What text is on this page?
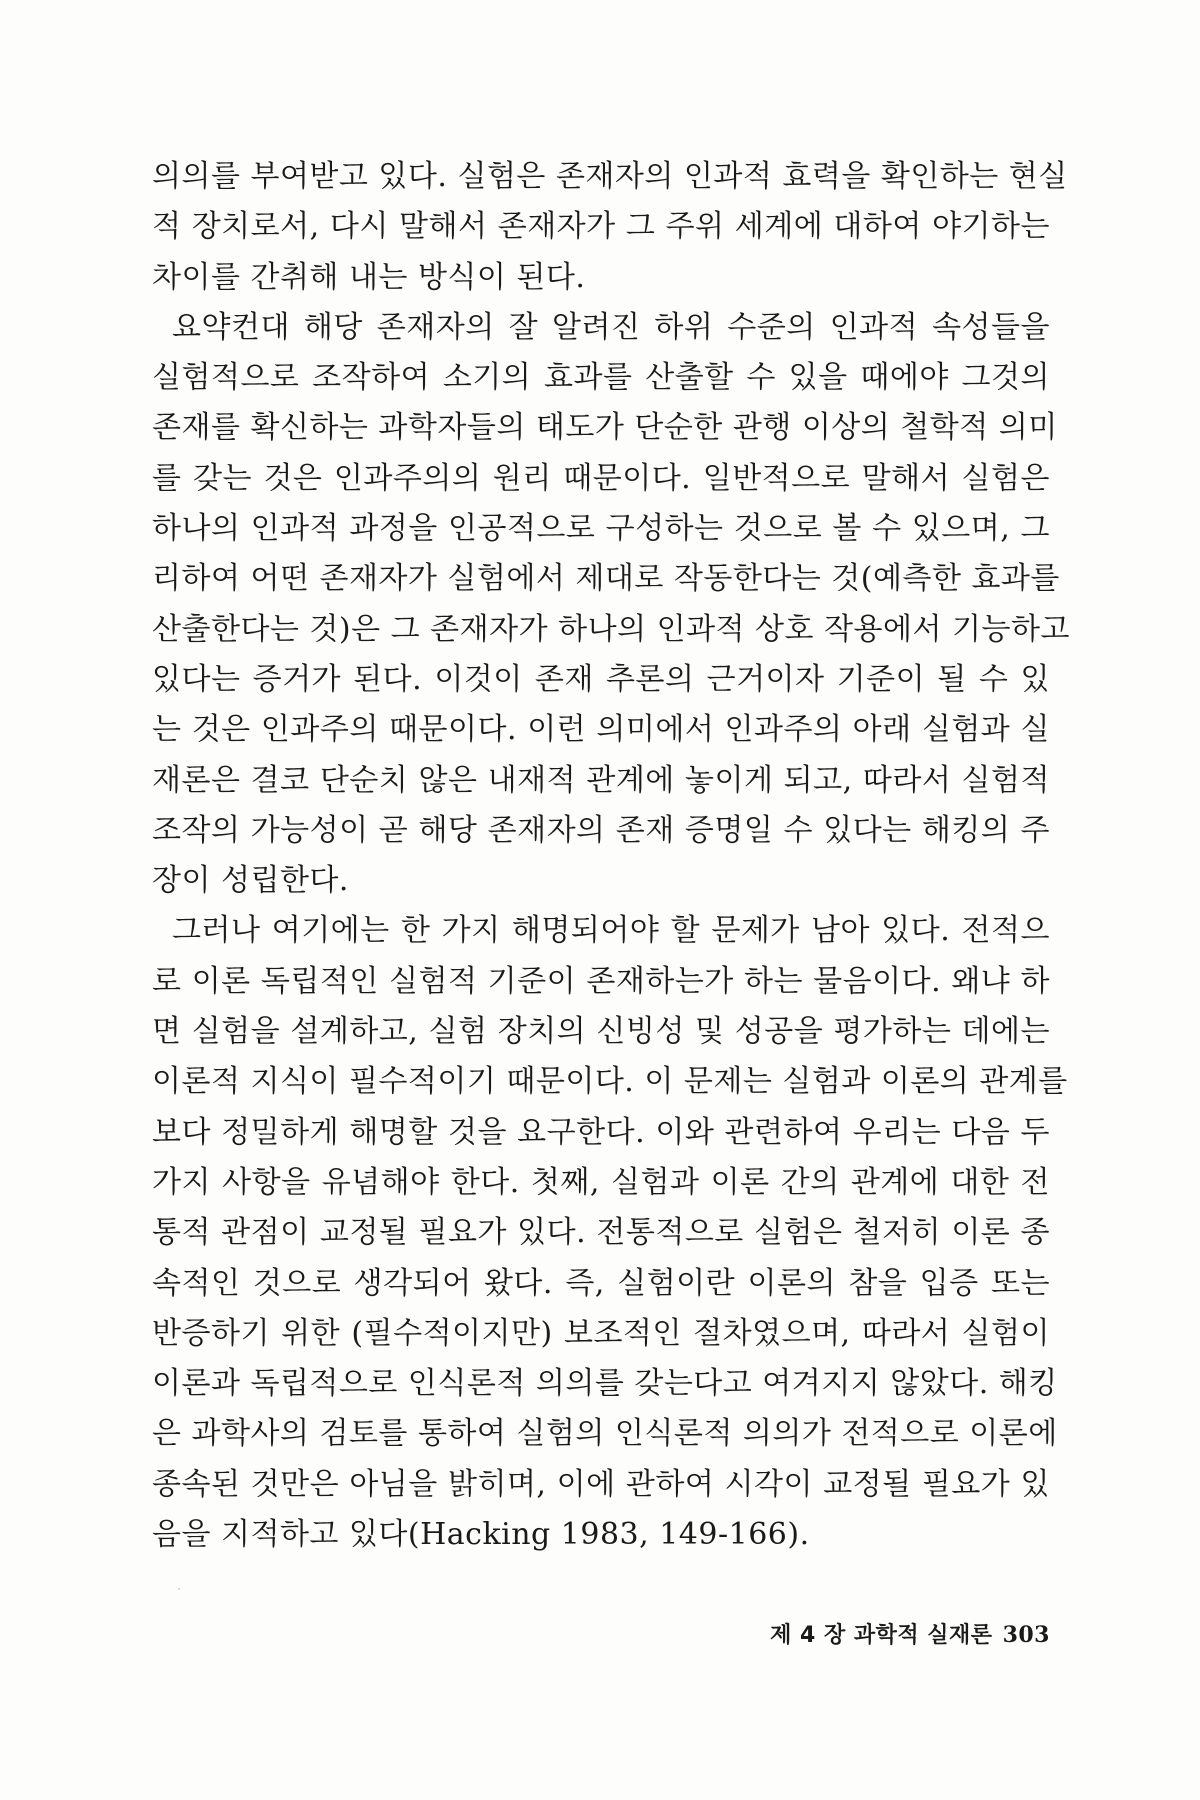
의의를 부여받고 있다. 실험은 존재자의 인과적 효력을 확인하는 현실
적 장치로서, 다시 말해서 존재자가 그 주위 세계에 대하여 야기하는
차이를 간취해 내는 방식이 된다.
요약컨대 해당 존재자의 잘 알려진 하위 수준의 인과적 속성들을
실험적으로 조작하여 소기의 효과를 산출할 수 있을 때에야 그것의
존재를 확신하는 과학자들의 태도가 단순한 관행 이상의 철학적 의미
를 갖는 것은 인과주의의 원리 때문이다. 일반적으로 말해서 실험은
하나의 인과적 과정을 인공적으로 구성하는 것으로 볼 수 있으며, 그
리하여 어떤 존재자가 실험에서 제대로 작동한다는 것(예측한 효과를
산출한다는 것)은 그 존재자가 하나의 인과적 상호 작용에서 기능하고
있다는 증거가 된다. 이것이 존재 추론의 근거이자 기준이 될 수 있
는 것은 인과주의 때문이다. 이런 의미에서 인과주의 아래 실험과 실
재론은 결코 단순치 않은 내재적 관계에 놓이게 되고, 따라서 실험적
조작의 가능성이 곧 해당 존재자의 존재 증명일 수 있다는 해킹의 주
장이 성립한다.
그러나 여기에는 한 가지 해명되어야 할 문제가 남아 있다. 전적으
로 이론 독립적인 실험적 기준이 존재하는가 하는 물음이다. 왜냐 하
면 실험을 설계하고, 실험 장치의 신빙성 및 성공을 평가하는 데에는
이론적 지식이 필수적이기 때문이다. 이 문제는 실험과 이론의 관계를
보다 정밀하게 해명할 것을 요구한다. 이와 관련하여 우리는 다음 두
가지 사항을 유념해야 한다. 첫째, 실험과 이론 간의 관계에 대한 전
통적 관점이 교정될 필요가 있다. 전통적으로 실험은 철저히 이론 종
속적인 것으로 생각되어 왔다. 즉, 실험이란 이론의 참을 입증 또는
반증하기 위한 (필수적이지만) 보조적인 절차였으며, 따라서 실험이
이론과 독립적으로 인식론적 의의를 갖는다고 여겨지지 않았다. 해킹
은 과학사의 검토를 통하여 실험의 인식론적 의의가 전적으로 이론에
종속된 것만은 아님을 밝히며, 이에 관하여 시각이 교정될 필요가 있
음을 지적하고 있다(Hacking 1983, 149-166).
제 4 장 과학적 실재론 303
